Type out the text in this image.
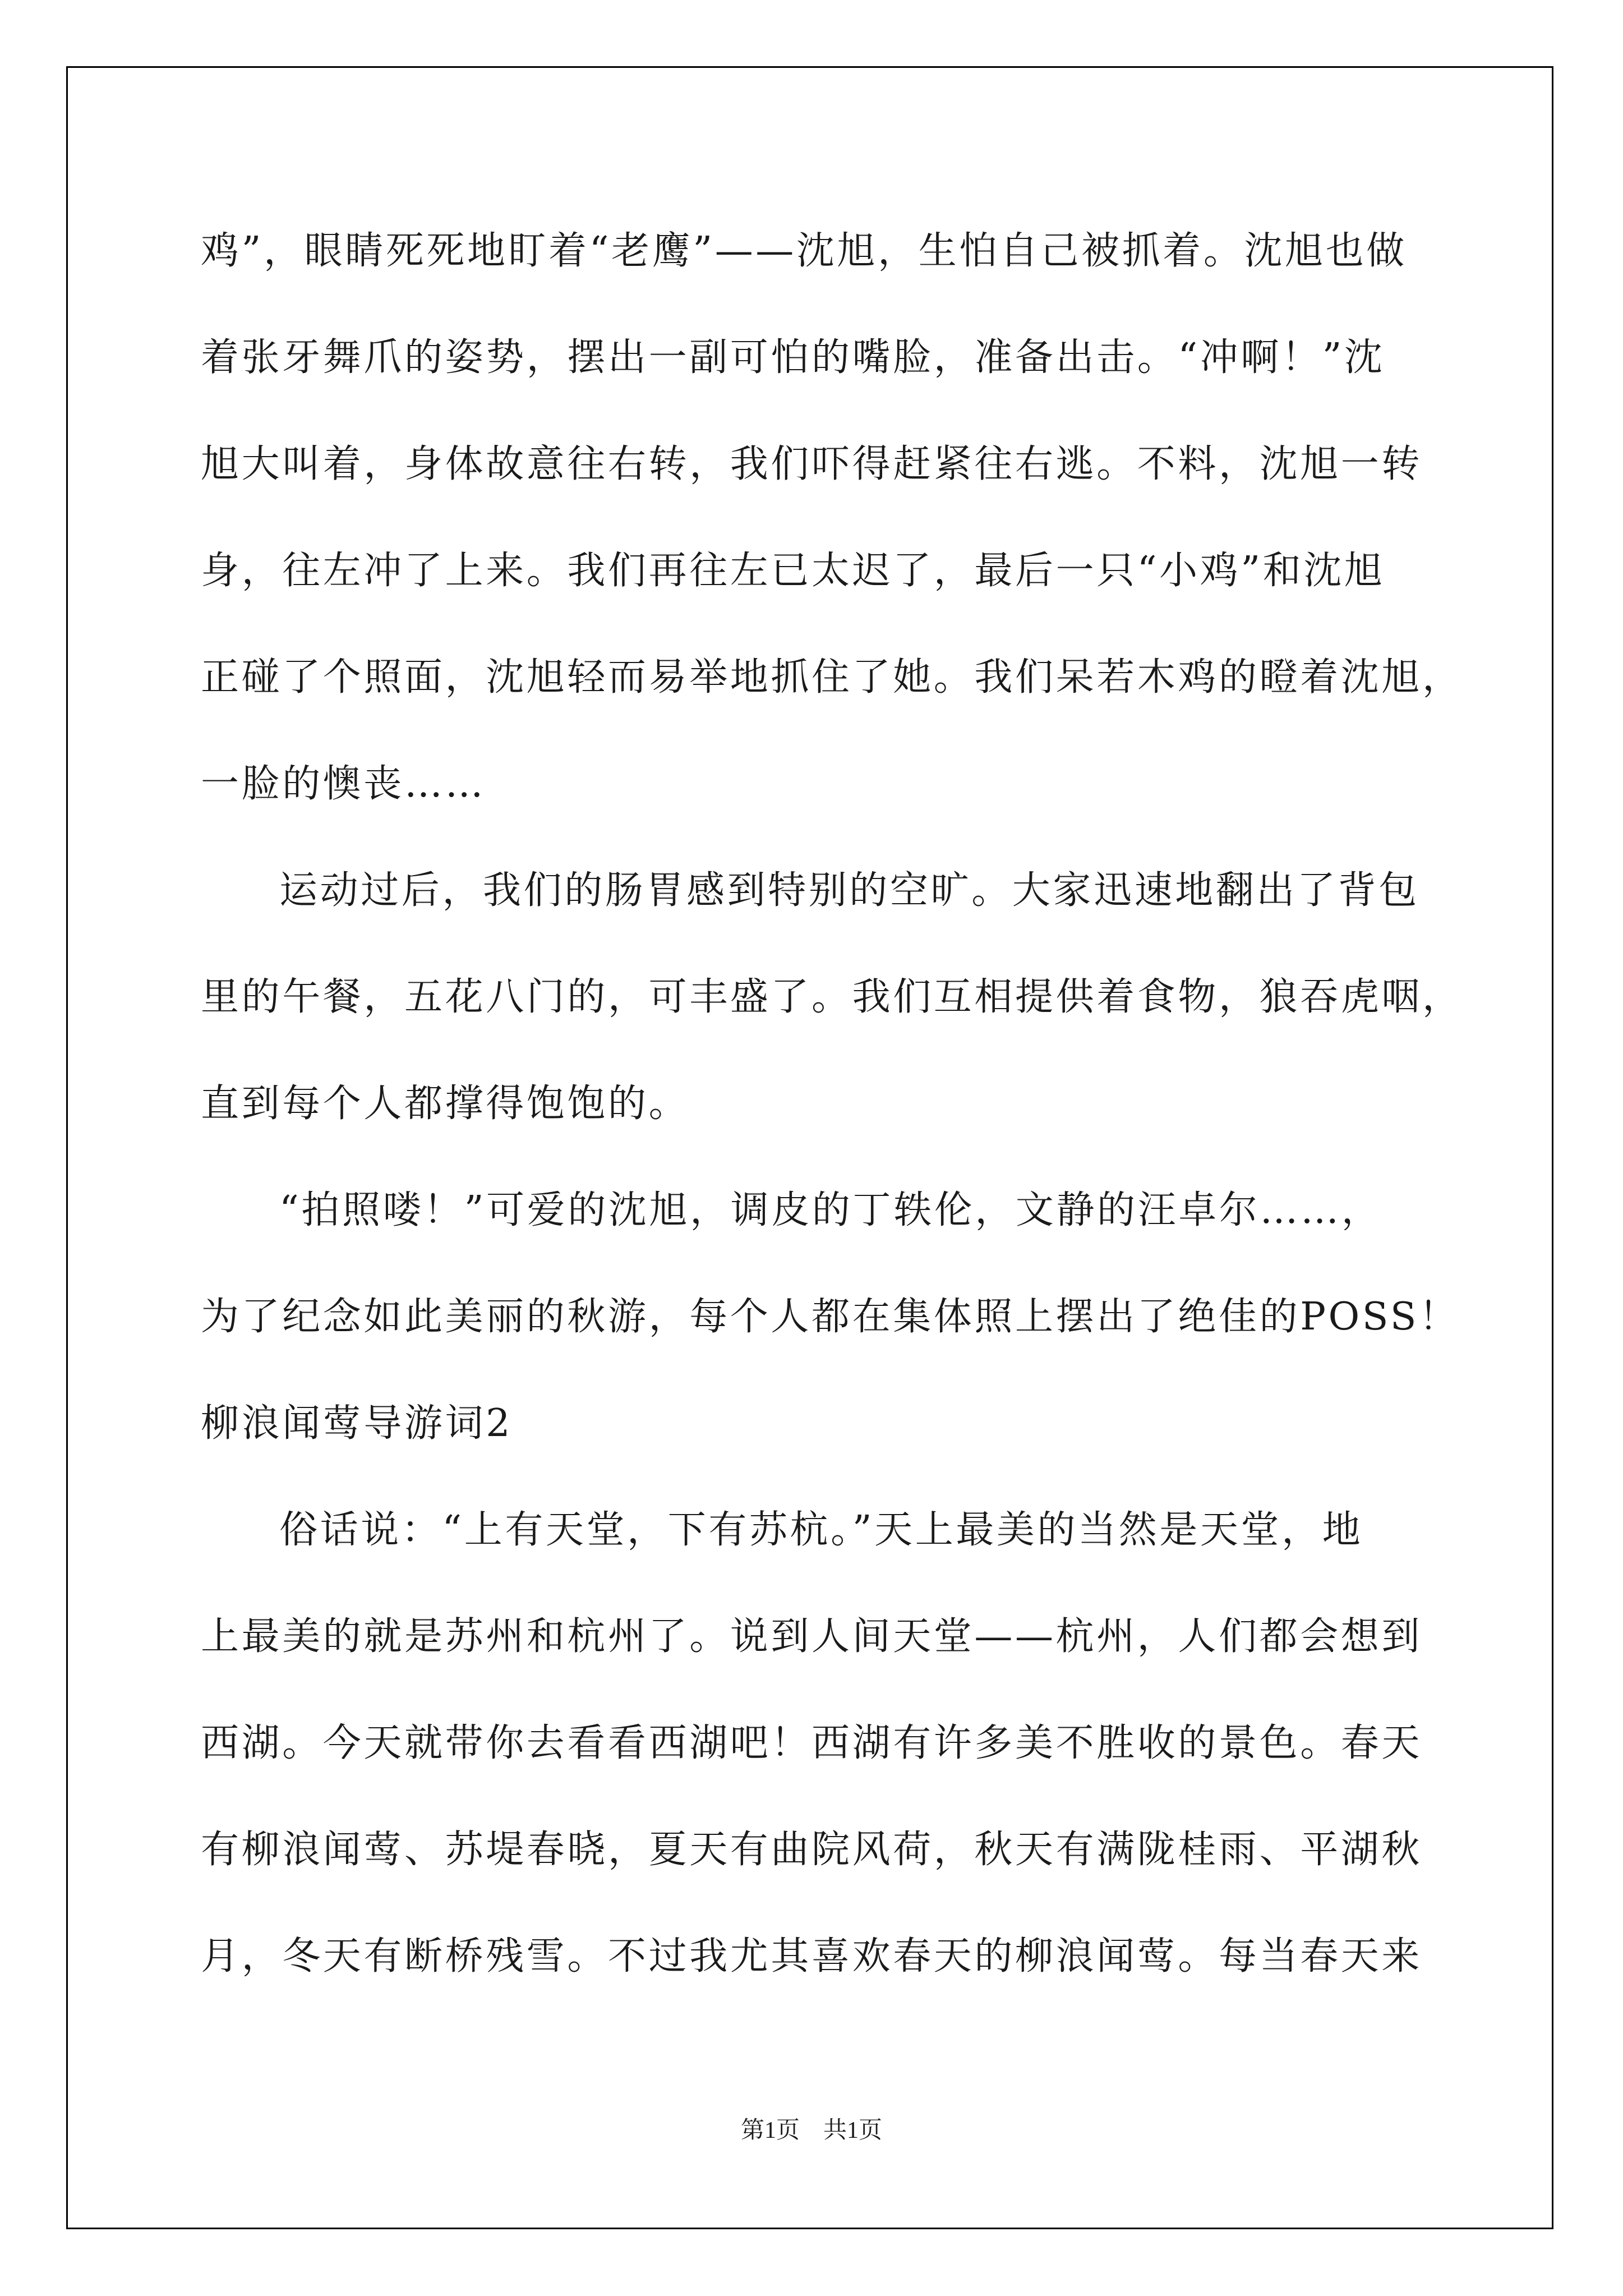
鸡”，眼睛死死地盯着“老鹰”——沈旭，生怕自己被抓着。沈旭也做
着张牙舞爪的姿势，摆出一副可怕的嘴脸，准备出击。“冲啊！”沈
旭大叫着，身体故意往右转，我们吓得赶紧往右逃。不料，沈旭一转
身，往左冲了上来。我们再往左已太迟了，最后一只“小鸡”和沈旭
正碰了个照面，沈旭轻而易举地抓住了她。我们呆若木鸡的瞪着沈旭，
一脸的懊丧……
运动过后，我们的肠胃感到特别的空旷。大家迅速地翻出了背包
里的午餐，五花八门的，可丰盛了。我们互相提供着食物，狼吞虎咽，
直到每个人都撑得饱饱的。
“拍照喽！”可爱的沈旭，调皮的丁轶伦，文静的汪卓尔……，
为了纪念如此美丽的秋游，每个人都在集体照上摆出了绝佳的POSS！
柳浪闻莺导游词2
俗话说：“上有天堂，下有苏杭。”天上最美的当然是天堂，地
上最美的就是苏州和杭州了。说到人间天堂——杭州，人们都会想到
西湖。今天就带你去看看西湖吧！西湖有许多美不胜收的景色。春天
有柳浪闻莺、苏堤春晓，夏天有曲院风荷，秋天有满陇桂雨、平湖秋
月，冬天有断桥残雪。不过我尤其喜欢春天的柳浪闻莺。每当春天来
第1页　共1页
